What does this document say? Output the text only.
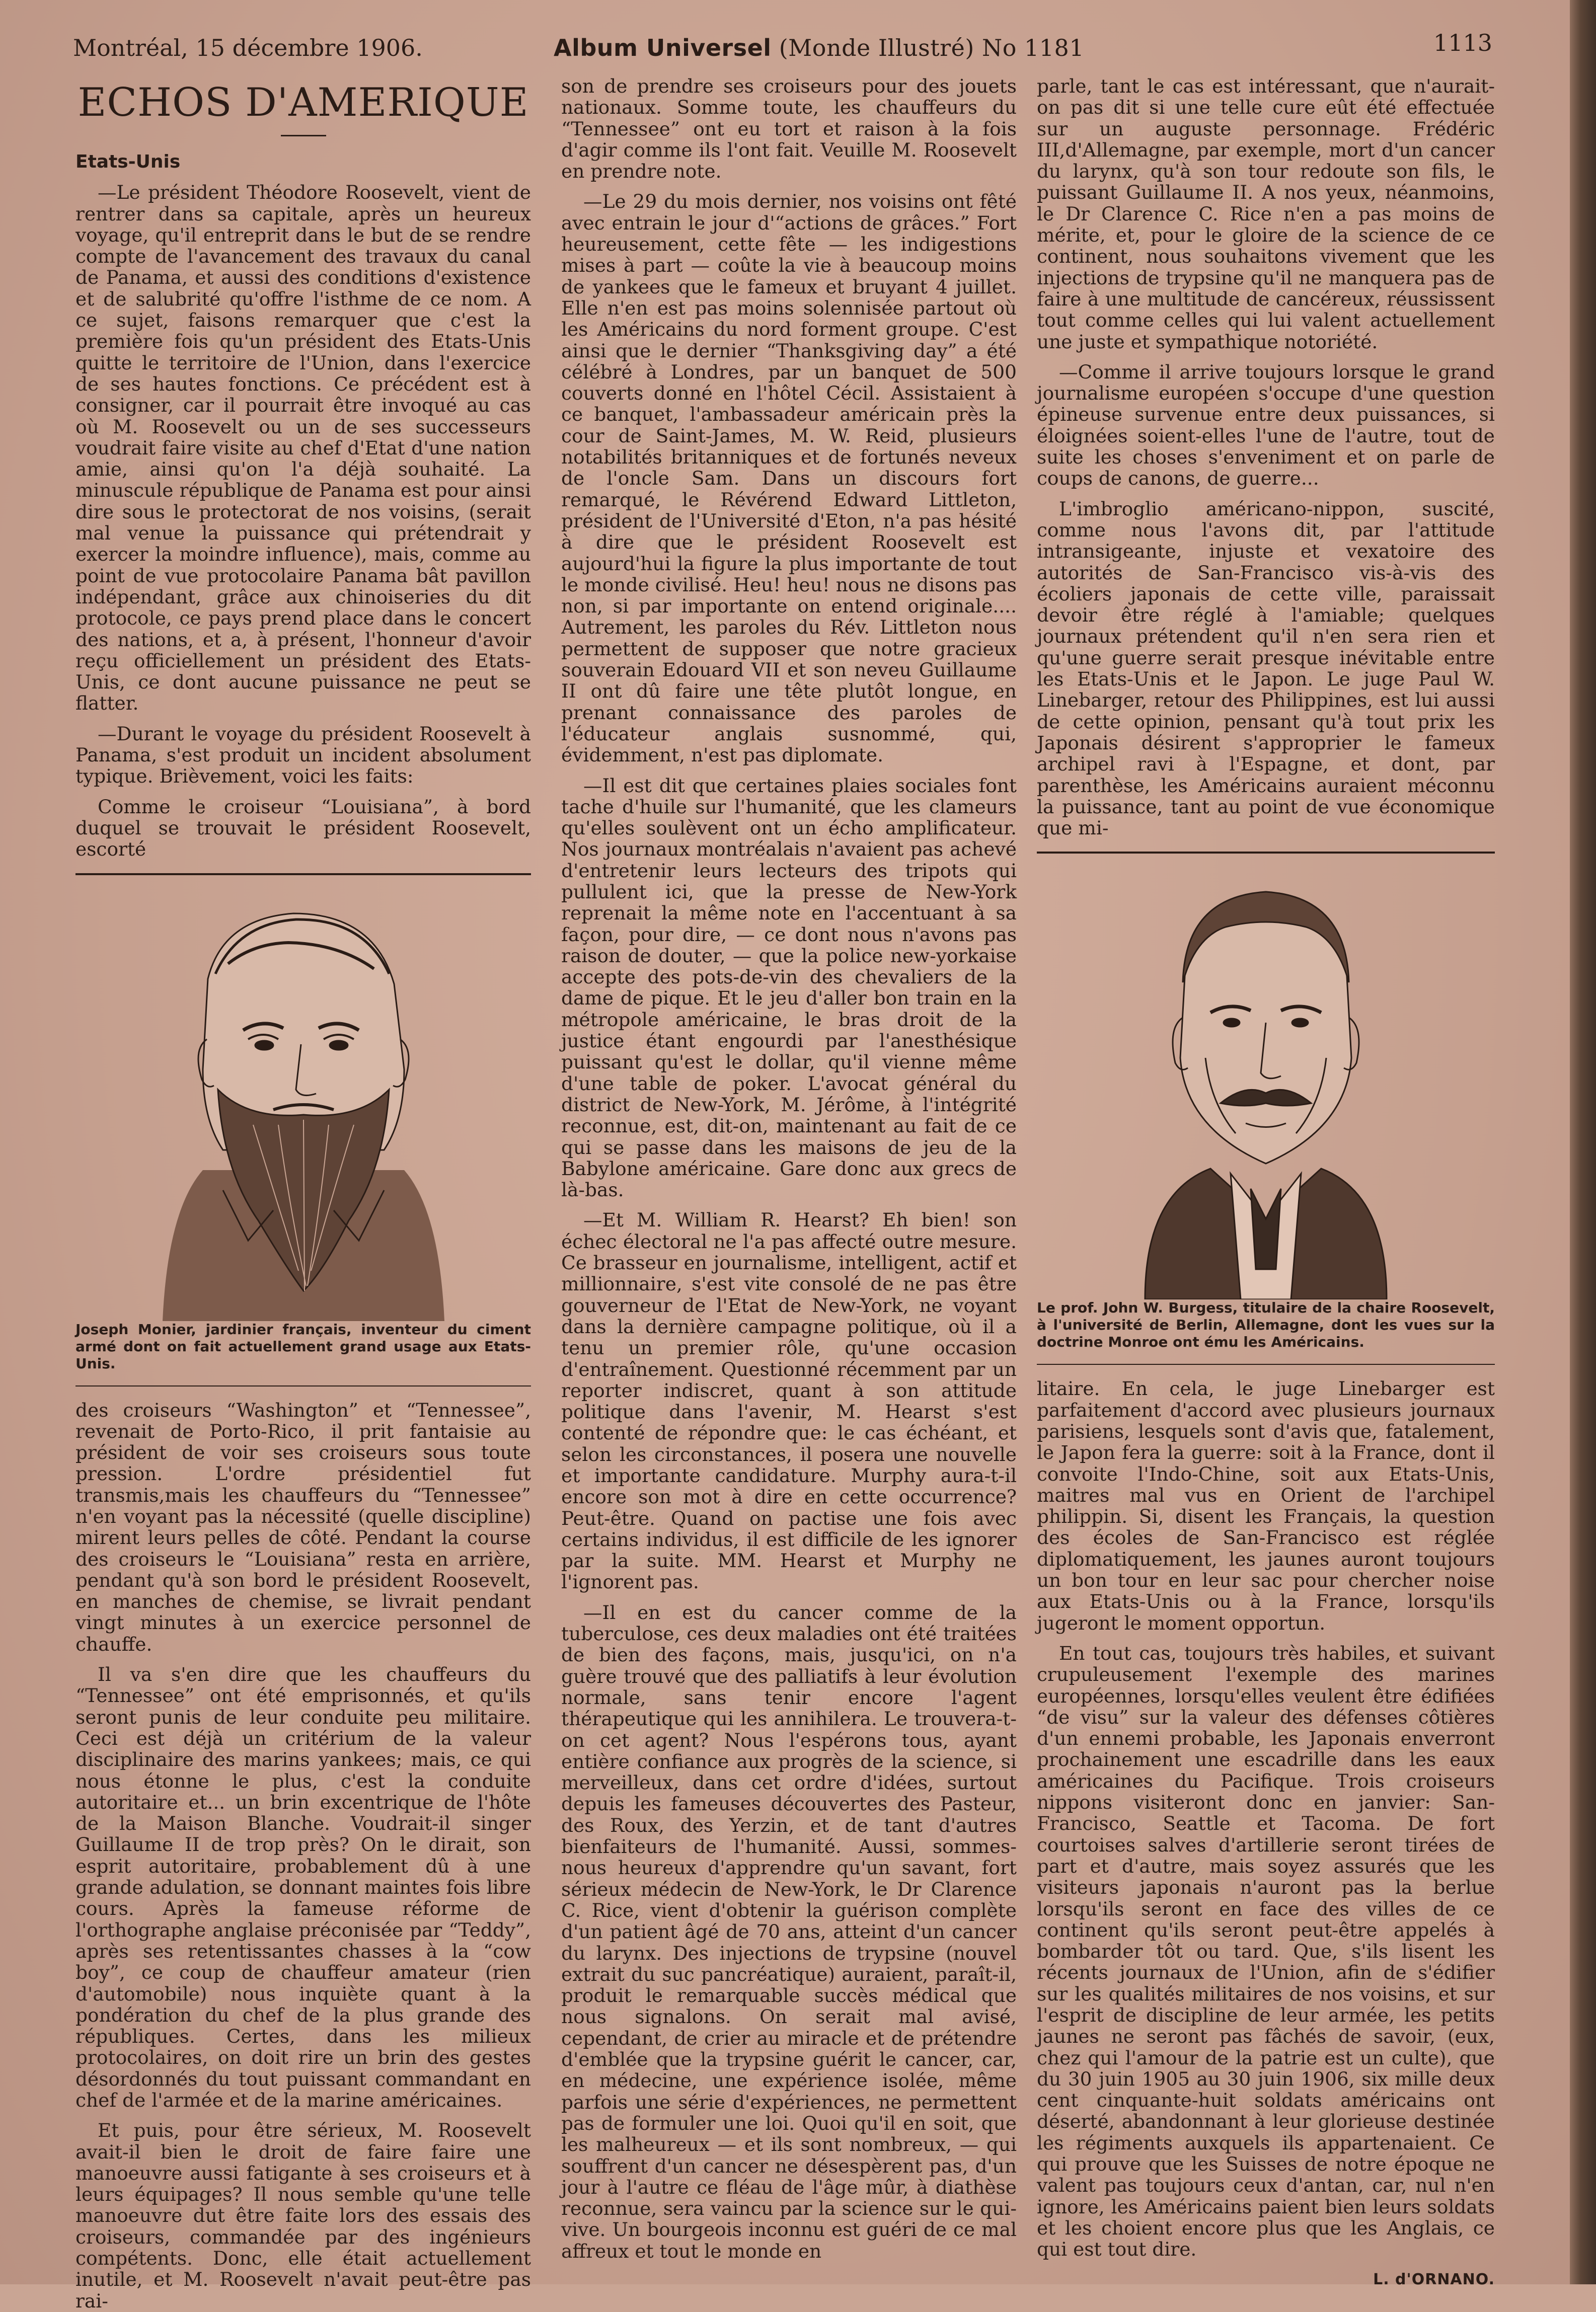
Montréal, 15 décembre 1906.	Album Universel (Monde Illustré) No 1181	1113
ECHOS D'AMERIQUE

Etats-Unis

—Le président Théodore Roosevelt, vient de rentrer dans sa capitale, après un heureux voyage, qu'il entreprit dans le but de se rendre compte de l'avancement des travaux du canal de Panama, et aussi des conditions d'existence et de salubrité qu'offre l'isthme de ce nom. A ce sujet, faisons remarquer que c'est la première fois qu'un président des Etats-Unis quitte le territoire de l'Union, dans l'exercice de ses hautes fonctions. Ce précédent est à consigner, car il pourrait être invoqué au cas où M. Roosevelt ou un de ses successeurs voudrait faire visite au chef d'Etat d'une nation amie, ainsi qu'on l'a déjà souhaité. La minuscule république de Panama est pour ainsi dire sous le protectorat de nos voisins, (serait mal venue la puissance qui prétendrait y exercer la moindre influence), mais, comme au point de vue protocolaire Panama bât pavillon indépendant, grâce aux chinoiseries du dit protocole, ce pays prend place dans le concert des nations, et a, à présent, l'honneur d'avoir reçu officiellement un président des Etats-Unis, ce dont aucune puissance ne peut se flatter.

—Durant le voyage du président Roosevelt à Panama, s'est produit un incident absolument typique. Brièvement, voici les faits:

Comme le croiseur “Louisiana”, à bord duquel se trouvait le président Roosevelt, escorté

Joseph Monier, jardinier français, inventeur du ciment armé dont on fait actuellement grand usage aux Etats-Unis.

des croiseurs “Washington” et “Tennessee”, revenait de Porto-Rico, il prit fantaisie au président de voir ses croiseurs sous toute pression. L'ordre présidentiel fut transmis,mais les chauffeurs du “Tennessee” n'en voyant pas la nécessité (quelle discipline) mirent leurs pelles de côté. Pendant la course des croiseurs le “Louisiana” resta en arrière, pendant qu'à son bord le président Roosevelt, en manches de chemise, se livrait pendant vingt minutes à un exercice personnel de chauffe.

Il va s'en dire que les chauffeurs du “Tennessee” ont été emprisonnés, et qu'ils seront punis de leur conduite peu militaire. Ceci est déjà un critérium de la valeur disciplinaire des marins yankees; mais, ce qui nous étonne le plus, c'est la conduite autoritaire et... un brin excentrique de l'hôte de la Maison Blanche. Voudrait-il singer Guillaume II de trop près? On le dirait, son esprit autoritaire, probablement dû à une grande adulation, se donnant maintes fois libre cours. Après la fameuse réforme de l'orthographe anglaise préconisée par “Teddy”, après ses retentissantes chasses à la “cow boy”, ce coup de chauffeur amateur (rien d'automobile) nous inquiète quant à la pondération du chef de la plus grande des républiques. Certes, dans les milieux protocolaires, on doit rire un brin des gestes désordonnés du tout puissant commandant en chef de l'armée et de la marine américaines.

Et puis, pour être sérieux, M. Roosevelt avait-il bien le droit de faire faire une manoeuvre aussi fatigante à ses croiseurs et à leurs équipages? Il nous semble qu'une telle manoeuvre dut être faite lors des essais des croiseurs, commandée par des ingénieurs compétents. Donc, elle était actuellement inutile, et M. Roosevelt n'avait peut-être pas rai-

son de prendre ses croiseurs pour des jouets nationaux. Somme toute, les chauffeurs du “Tennessee” ont eu tort et raison à la fois d'agir comme ils l'ont fait. Veuille M. Roosevelt en prendre note.

—Le 29 du mois dernier, nos voisins ont fêté avec entrain le jour d'“actions de grâces.” Fort heureusement, cette fête — les indigestions mises à part — coûte la vie à beaucoup moins de yankees que le fameux et bruyant 4 juillet. Elle n'en est pas moins solennisée partout où les Américains du nord forment groupe. C'est ainsi que le dernier “Thanksgiving day” a été célébré à Londres, par un banquet de 500 couverts donné en l'hôtel Cécil. Assistaient à ce banquet, l'ambassadeur américain près la cour de Saint-James, M. W. Reid, plusieurs notabilités britanniques et de fortunés neveux de l'oncle Sam. Dans un discours fort remarqué, le Révérend Edward Littleton, président de l'Université d'Eton, n'a pas hésité à dire que le président Roosevelt est aujourd'hui la figure la plus importante de tout le monde civilisé. Heu! heu! nous ne disons pas non, si par importante on entend originale.... Autrement, les paroles du Rév. Littleton nous permettent de supposer que notre gracieux souverain Edouard VII et son neveu Guillaume II ont dû faire une tête plutôt longue, en prenant connaissance des paroles de l'éducateur anglais susnommé, qui, évidemment, n'est pas diplomate.

—Il est dit que certaines plaies sociales font tache d'huile sur l'humanité, que les clameurs qu'elles soulèvent ont un écho amplificateur. Nos journaux montréalais n'avaient pas achevé d'entretenir leurs lecteurs des tripots qui pullulent ici, que la presse de New-York reprenait la même note en l'accentuant à sa façon, pour dire, — ce dont nous n'avons pas raison de douter, — que la police new-yorkaise accepte des pots-de-vin des chevaliers de la dame de pique. Et le jeu d'aller bon train en la métropole américaine, le bras droit de la justice étant engourdi par l'anesthésique puissant qu'est le dollar, qu'il vienne même d'une table de poker. L'avocat général du district de New-York, M. Jérôme, à l'intégrité reconnue, est, dit-on, maintenant au fait de ce qui se passe dans les maisons de jeu de la Babylone américaine. Gare donc aux grecs de là-bas.

—Et M. William R. Hearst? Eh bien! son échec électoral ne l'a pas affecté outre mesure. Ce brasseur en journalisme, intelligent, actif et millionnaire, s'est vite consolé de ne pas être gouverneur de l'Etat de New-York, ne voyant dans la dernière campagne politique, où il a tenu un premier rôle, qu'une occasion d'entraînement. Questionné récemment par un reporter indiscret, quant à son attitude politique dans l'avenir, M. Hearst s'est contenté de répondre que: le cas échéant, et selon les circonstances, il posera une nouvelle et importante candidature. Murphy aura-t-il encore son mot à dire en cette occurrence? Peut-être. Quand on pactise une fois avec certains individus, il est difficile de les ignorer par la suite. MM. Hearst et Murphy ne l'ignorent pas.

—Il en est du cancer comme de la tuberculose, ces deux maladies ont été traitées de bien des façons, mais, jusqu'ici, on n'a guère trouvé que des palliatifs à leur évolution normale, sans tenir encore l'agent thérapeutique qui les annihilera. Le trouvera-t-on cet agent? Nous l'espérons tous, ayant entière confiance aux progrès de la science, si merveilleux, dans cet ordre d'idées, surtout depuis les fameuses découvertes des Pasteur, des Roux, des Yerzin, et de tant d'autres bienfaiteurs de l'humanité. Aussi, sommes-nous heureux d'apprendre qu'un savant, fort sérieux médecin de New-York, le Dr Clarence C. Rice, vient d'obtenir la guérison complète d'un patient âgé de 70 ans, atteint d'un cancer du larynx. Des injections de trypsine (nouvel extrait du suc pancréatique) auraient, paraît-il, produit le remarquable succès médical que nous signalons. On serait mal avisé, cependant, de crier au miracle et de prétendre d'emblée que la trypsine guérit le cancer, car, en médecine, une expérience isolée, même parfois une série d'expériences, ne permettent pas de formuler une loi. Quoi qu'il en soit, que les malheureux — et ils sont nombreux, — qui souffrent d'un cancer ne désespèrent pas, d'un jour à l'autre ce fléau de l'âge mûr, à diathèse reconnue, sera vaincu par la science sur le qui-vive. Un bourgeois inconnu est guéri de ce mal affreux et tout le monde en

parle, tant le cas est intéressant, que n'aurait-on pas dit si une telle cure eût été effectuée sur un auguste personnage. Frédéric III,d'Allemagne, par exemple, mort d'un cancer du larynx, qu'à son tour redoute son fils, le puissant Guillaume II. A nos yeux, néanmoins, le Dr Clarence C. Rice n'en a pas moins de mérite, et, pour le gloire de la science de ce continent, nous souhaitons vivement que les injections de trypsine qu'il ne manquera pas de faire à une multitude de cancéreux, réussissent tout comme celles qui lui valent actuellement une juste et sympathique notoriété.

—Comme il arrive toujours lorsque le grand journalisme européen s'occupe d'une question épineuse survenue entre deux puissances, si éloignées soient-elles l'une de l'autre, tout de suite les choses s'enveniment et on parle de coups de canons, de guerre...

L'imbroglio américano-nippon, suscité, comme nous l'avons dit, par l'attitude intransigeante, injuste et vexatoire des autorités de San-Francisco vis-à-vis des écoliers japonais de cette ville, paraissait devoir être réglé à l'amiable; quelques journaux prétendent qu'il n'en sera rien et qu'une guerre serait presque inévitable entre les Etats-Unis et le Japon. Le juge Paul W. Linebarger, retour des Philippines, est lui aussi de cette opinion, pensant qu'à tout prix les Japonais désirent s'approprier le fameux archipel ravi à l'Espagne, et dont, par parenthèse, les Américains auraient méconnu la puissance, tant au point de vue économique que mi-

Le prof. John W. Burgess, titulaire de la chaire Roosevelt, à l'université de Berlin, Allemagne, dont les vues sur la doctrine Monroe ont ému les Américains.

litaire. En cela, le juge Linebarger est parfaitement d'accord avec plusieurs journaux parisiens, lesquels sont d'avis que, fatalement, le Japon fera la guerre: soit à la France, dont il convoite l'Indo-Chine, soit aux Etats-Unis, maitres mal vus en Orient de l'archipel philippin. Si, disent les Français, la question des écoles de San-Francisco est réglée diplomatiquement, les jaunes auront toujours un bon tour en leur sac pour chercher noise aux Etats-Unis ou à la France, lorsqu'ils jugeront le moment opportun.

En tout cas, toujours très habiles, et suivant crupuleusement l'exemple des marines européennes, lorsqu'elles veulent être édifiées “de visu” sur la valeur des défenses côtières d'un ennemi probable, les Japonais enverront prochainement une escadrille dans les eaux américaines du Pacifique. Trois croiseurs nippons visiteront donc en janvier: San-Francisco, Seattle et Tacoma. De fort courtoises salves d'artillerie seront tirées de part et d'autre, mais soyez assurés que les visiteurs japonais n'auront pas la berlue lorsqu'ils seront en face des villes de ce continent qu'ils seront peut-être appelés à bombarder tôt ou tard. Que, s'ils lisent les récents journaux de l'Union, afin de s'édifier sur les qualités militaires de nos voisins, et sur l'esprit de discipline de leur armée, les petits jaunes ne seront pas fâchés de savoir, (eux, chez qui l'amour de la patrie est un culte), que du 30 juin 1905 au 30 juin 1906, six mille deux cent cinquante-huit soldats américains ont déserté, abandonnant à leur glorieuse destinée les régiments auxquels ils appartenaient. Ce qui prouve que les Suisses de notre époque ne valent pas toujours ceux d'antan, car, nul n'en ignore, les Américains paient bien leurs soldats et les choient encore plus que les Anglais, ce qui est tout dire.

L. d'ORNANO.
